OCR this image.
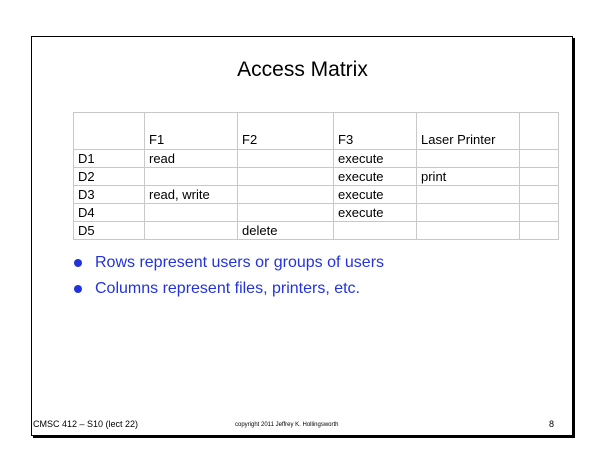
Access Matrix
	F1	F2	F3	Laser Printer	
D1	read		execute		
D2			execute	print	
D3	read, write		execute		
D4			execute		
D5		delete			
Rows represent users or groups of users
Columns represent files, printers, etc.
CMSC 412 – S10 (lect 22)	copyright 2011 Jeffrey K. Hollingsworth	8
